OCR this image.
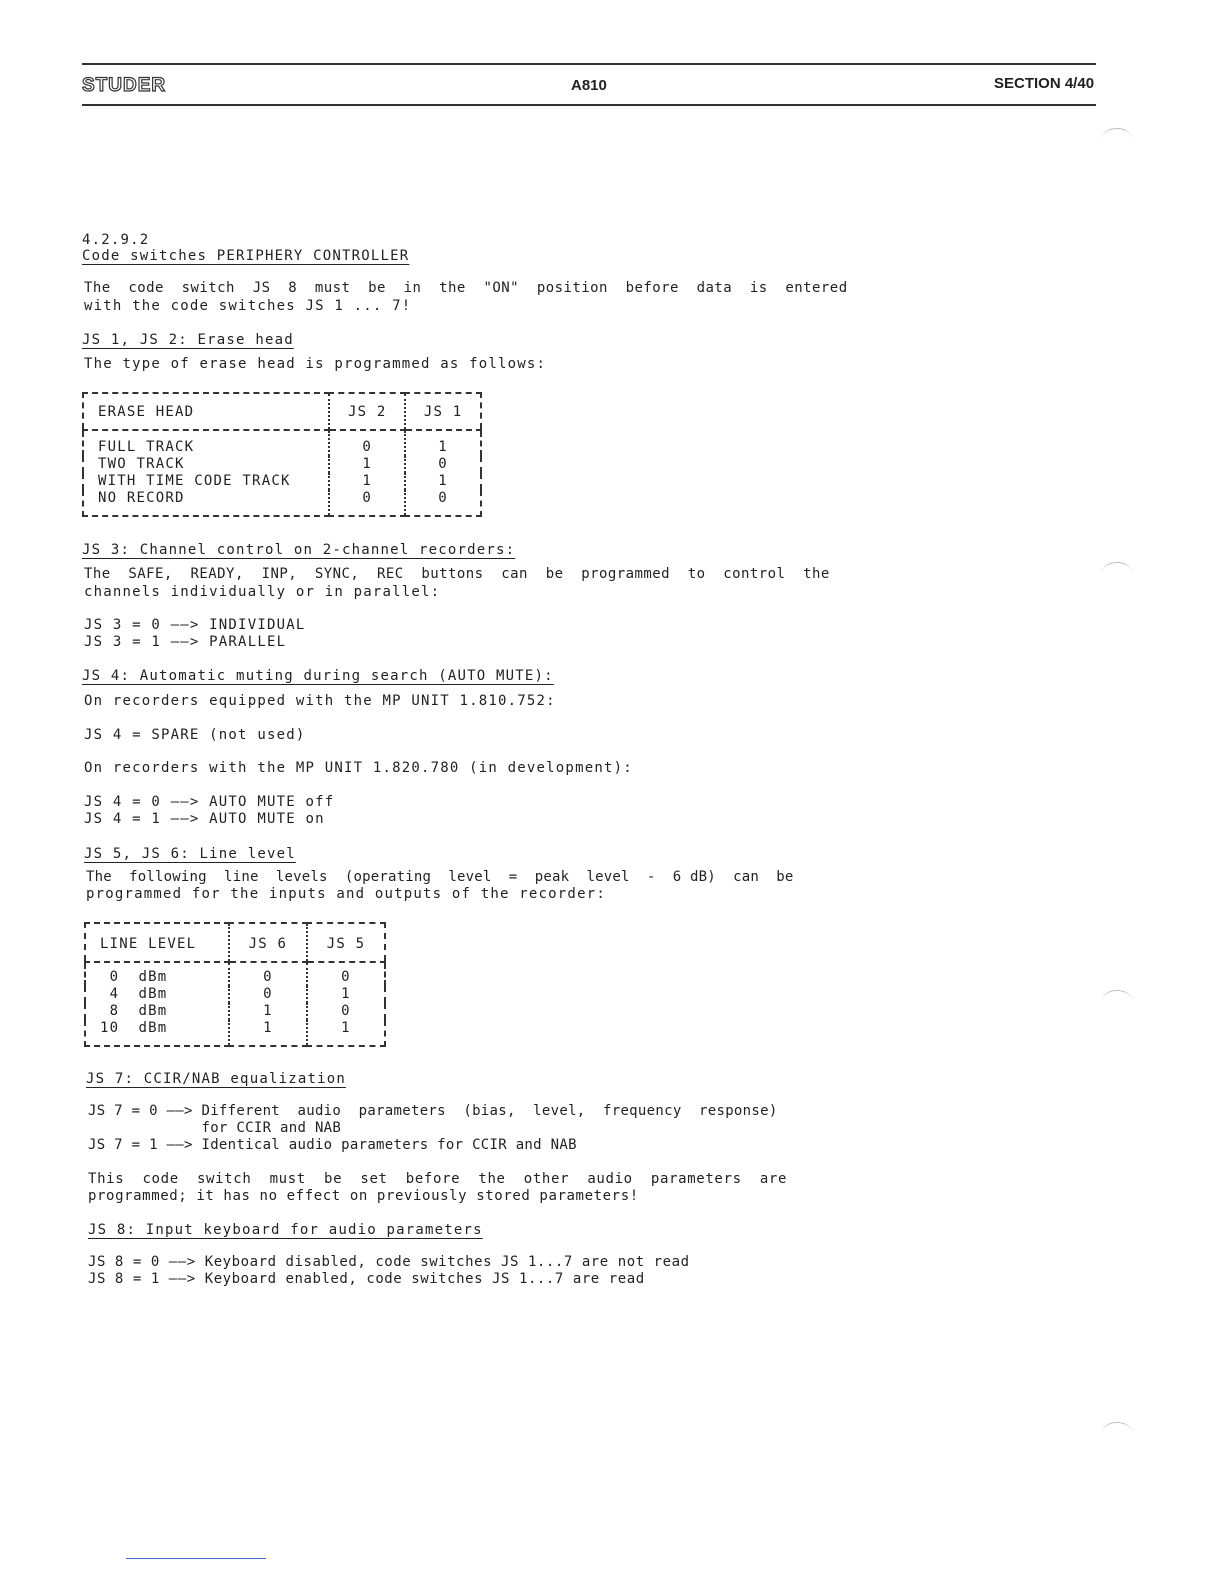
STUDER	A810	SECTION 4/40
4.2.9.2
Code switches PERIPHERY CONTROLLER
The  code  switch  JS  8  must  be  in  the  "ON"  position  before  data  is  entered
with the code switches JS 1 ... 7!
JS 1, JS 2: Erase head
The type of erase head is programmed as follows:
ERASE HEAD	JS 2	JS 1
FULL TRACK	0	1
TWO TRACK	1	0
WITH TIME CODE TRACK	1	1
NO RECORD	0	0
JS 3: Channel control on 2-channel recorders:
The  SAFE,  READY,  INP,  SYNC,  REC  buttons  can  be  programmed  to  control  the
channels individually or in parallel:
JS 3 = 0 ——> INDIVIDUAL
JS 3 = 1 ——> PARALLEL
JS 4: Automatic muting during search (AUTO MUTE):
On recorders equipped with the MP UNIT 1.810.752:
JS 4 = SPARE (not used)
On recorders with the MP UNIT 1.820.780 (in development):
JS 4 = 0 ——> AUTO MUTE off
JS 4 = 1 ——> AUTO MUTE on
JS 5, JS 6: Line level
The  following  line  levels  (operating  level  =  peak  level  -  6 dB)  can  be
programmed for the inputs and outputs of the recorder:
LINE LEVEL	JS 6	JS 5
0  dBm	0	0
4  dBm	0	1
8  dBm	1	0
10  dBm	1	1
JS 7: CCIR/NAB equalization
JS 7 = 0 ——> Different  audio  parameters  (bias,  level,  frequency  response)
for CCIR and NAB
JS 7 = 1 ——> Identical audio parameters for CCIR and NAB
This  code  switch  must  be  set  before  the  other  audio  parameters  are
programmed; it has no effect on previously stored parameters!
JS 8: Input keyboard for audio parameters
JS 8 = 0 ——> Keyboard disabled, code switches JS 1...7 are not read
JS 8 = 1 ——> Keyboard enabled, code switches JS 1...7 are read
